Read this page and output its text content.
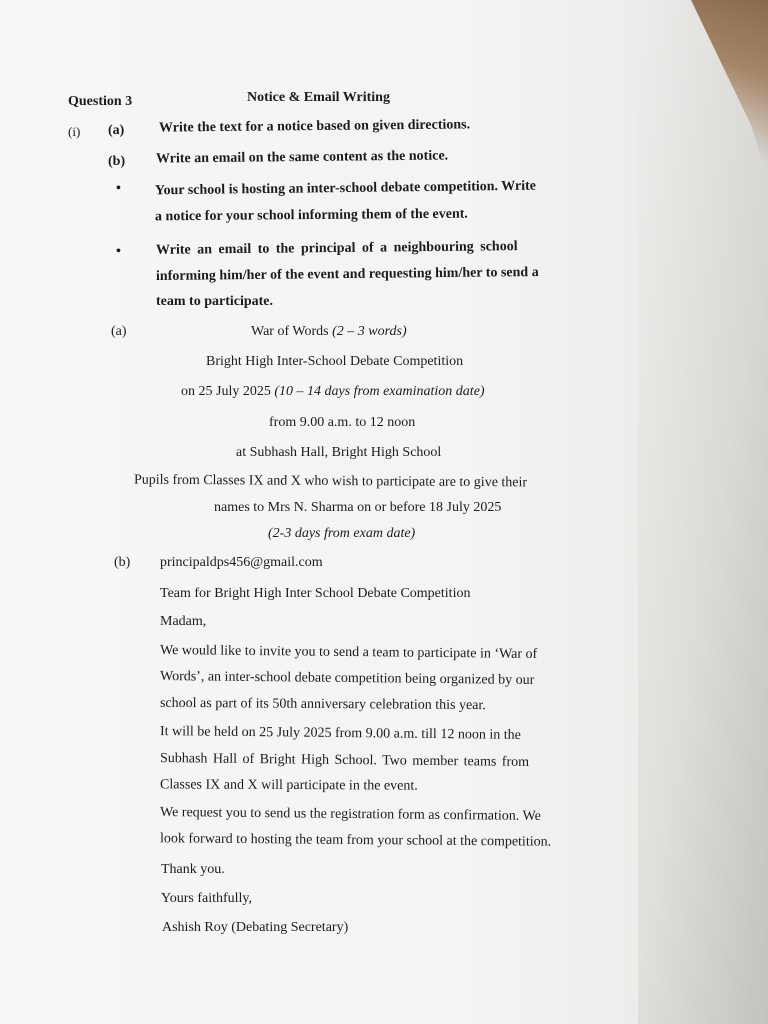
Question 3	Notice & Email Writing
(i) (a) Write the text for a notice based on given directions.
(b) Write an email on the same content as the notice.
• Your school is hosting an inter-school debate competition. Write
a notice for your school informing them of the event.
•	Write an email to the principal of a neighbouring school
informing him/her of the event and requesting him/her to send a
team to participate.
(a)	War of Words (2 – 3 words)
Bright High Inter-School Debate Competition
on 25 July 2025 (10 – 14 days from examination date)
from 9.00 a.m. to 12 noon
at Subhash Hall, Bright High School
Pupils from Classes IX and X who wish to participate are to give their
names to Mrs N. Sharma on or before 18 July 2025
(2-3 days from exam date)
(b) principaldps456@gmail.com
Team for Bright High Inter School Debate Competition
Madam,
We would like to invite you to send a team to participate in ‘War of
Words’, an inter-school debate competition being organized by our
school as part of its 50th anniversary celebration this year.
It will be held on 25 July 2025 from 9.00 a.m. till 12 noon in the
Subhash Hall of Bright High School. Two member teams from
Classes IX and X will participate in the event.
We request you to send us the registration form as confirmation. We
look forward to hosting the team from your school at the competition.
Thank you.
Yours faithfully,
Ashish Roy (Debating Secretary)
